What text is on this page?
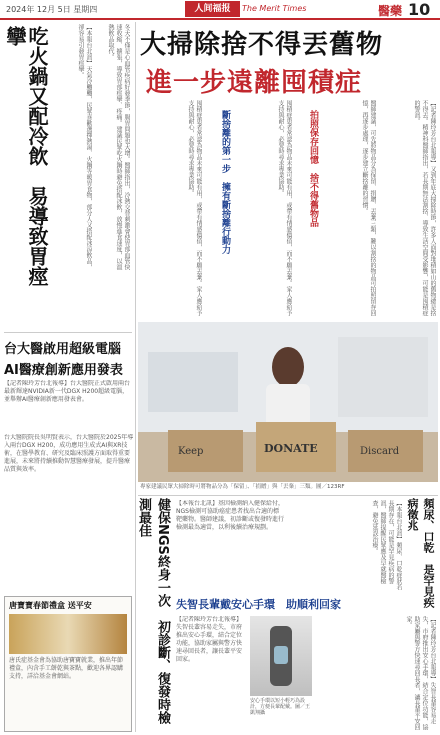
2024年 12月 5日 星期四	人间福报	The Merit Times	醫藥 10
吃火鍋又配冷飲　易導致胃痙攣	【本報台北訊】天氣冷颼颼，民眾喜歡選擇熱湯、火鍋等暖胃食物，部分人又搭配冰涼飲品，卻容易引發胃痙攣。	冬天不僅是心血管疾病好發季節，腸胃問題也大增。醫師指出，冷熱交替刺激會使胃部血管快速收縮、擴張，導致胃部痙攣、疼痛。建議民眾吃火鍋時避免搭配冰飲，放慢進食速度，以溫熱飲品取代。
台大醫啟用超級電腦
AI醫療創新應用發表
【記者陳玲芳台北報導】台大醫院正式啟用兩台最新輝達NVIDIA新一代DGX H200超級電腦，並舉辦AI醫療創新應用發表會。
台大醫院院長吳明賢表示，台大醫院於2025年導入兩台DGX H200，成功應用生成式AI與XR技術，在醫學教育、研究及臨床照護方面取得重要進展，未來將持續推動智慧醫療發展，提升醫療品質與效率。
唐寶寶春節禮盒 送平安
唐氏症基金會為協助唐寶寶就業，推出年節禮盒，內含手工餅乾與茶點，歡迎各界認購支持，詳洽基金會網站。
大掃除捨不得丟舊物
進一步遠離囤積症
【記者陳玲芳台北報導】又到年底大掃除時節，許多人面對堆積如山的舊物總是捨不得丟。精神科醫師指出，若長期無法割捨、導致生活空間受影響，可能是囤積症的警訊。
醫師建議，可先將物品分為保留、捐贈、丟棄三類，難以割捨的物品可拍照留存回憶，再逐步處理，逐步建立斷捨離的習慣。
拍照保存回憶　捨不得舊物品
囤積症患者常認為物品未來可能有用，或帶有情感價值，而不願丟棄。家人應給予支持與耐心，必要時尋求專業協助。
斷捨離的第一步　擁有斷捨離行動力
囤積症患者常認為物品未來可能有用，或帶有情感價值，而不願丟棄。家人應給予支持與耐心，必要時尋求專業協助。
Keep	DONATE	Discard
專家建議民眾大掃除時可將物品分為「保留」、「捐贈」與「丟棄」三類。圖／123RF
健保NGS終身一次　初診斷、復發時檢測最佳	【本報台北訊】基因檢測納入健保給付，NGS檢測可協助癌症患者找出合適的標靶藥物。醫師建議，初診斷或復發時進行檢測最為適當，以利後續治療規劃。
失智長輩戴安心手環　助順利回家
安心手環以短小輕巧為設計，方便長輩配戴。圖／王凱翔攝
【記者陳玲芳台北報導】失智長輩容易走失，市府推出安心手環，結合定位功能，協助家屬與警方快速尋回長者，讓長輩平安回家。	【記者陳玲芳台北報導】失智長輩容易走失，市府推出安心手環，結合定位功能，協助家屬與警方快速尋回長者，讓長輩平安回家。
頻尿、口乾　是罕見疾病徵兆
【本報台北訊】頻尿、口乾症狀若長期存在，可能是罕見疾病的警訊，醫師提醒民眾應及早就醫檢查，避免延誤治療。
